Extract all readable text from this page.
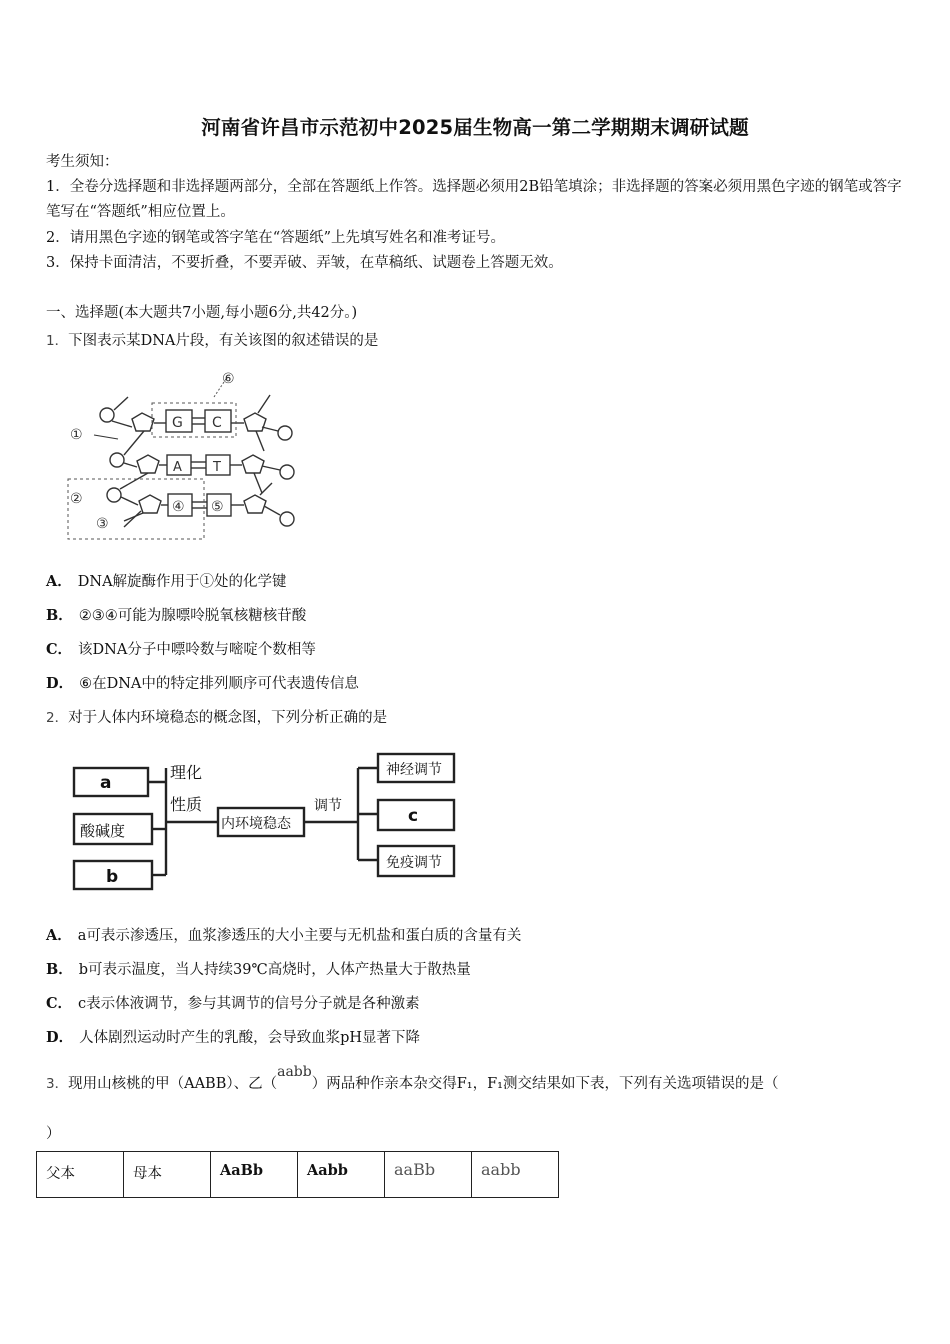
河南省许昌市示范初中2025届生物高一第二学期期末调研试题
考生须知：
1．全卷分选择题和非选择题两部分，全部在答题纸上作答。选择题必须用2B铅笔填涂；非选择题的答案必须用黑色字迹的钢笔或答字笔写在“答题纸”相应位置上。
2．请用黑色字迹的钢笔或答字笔在“答题纸”上先填写姓名和准考证号。
3．保持卡面清洁，不要折叠，不要弄破、弄皱，在草稿纸、试题卷上答题无效。
一、选择题(本大题共7小题,每小题6分,共42分。)
1．下图表示某DNA片段，有关该图的叙述错误的是
⑥
①
②
③
G C
A T
④ ⑤
A． DNA解旋酶作用于①处的化学键
B． ②③④可能为腺嘌呤脱氧核糖核苷酸
C． 该DNA分子中嘌呤数与嘧啶个数相等
D． ⑥在DNA中的特定排列顺序可代表遗传信息
2．对于人体内环境稳态的概念图，下列分析正确的是
a
酸碱度
b
理化
性质
内环境稳态
调节
神经调节
c
免疫调节
A． a可表示渗透压，血浆渗透压的大小主要与无机盐和蛋白质的含量有关
B． b可表示温度，当人持续39℃高烧时，人体产热量大于散热量
C． c表示体液调节，参与其调节的信号分子就是各种激素
D． 人体剧烈运动时产生的乳酸，会导致血浆pH显著下降
3．现用山核桃的甲（AABB）、乙（aabb）两品种作亲本杂交得F₁，F₁测交结果如下表，下列有关选项错误的是（
）
父本	母本	AaBb	Aabb	aaBb	aabb
